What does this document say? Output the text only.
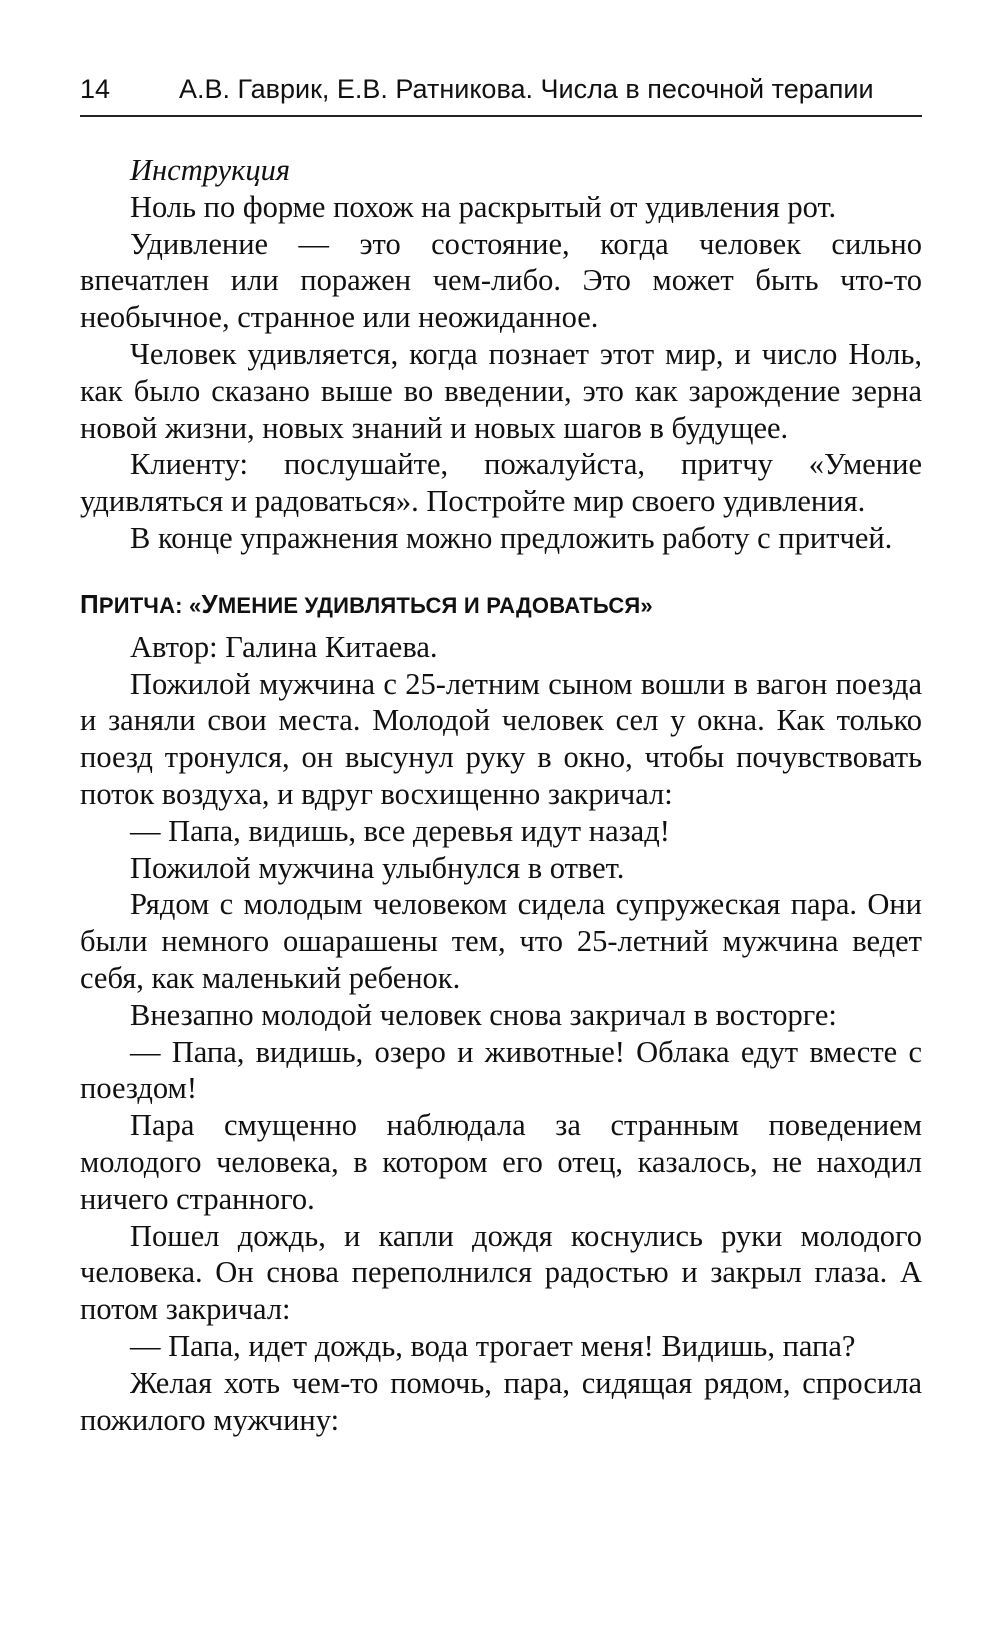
14	А.В. Гаврик, Е.В. Ратникова. Числа в песочной терапии

Инструкция

Ноль по форме похож на раскрытый от удивления рот.

Удивление — это состояние, когда человек сильно впечатлен или поражен чем-либо. Это может быть что-то необычное, странное или неожиданное.

Человек удивляется, когда познает этот мир, и число Ноль, как было сказано выше во введении, это как зарождение зерна новой жизни, новых знаний и новых шагов в будущее.

Клиенту: послушайте, пожалуйста, притчу «Умение удивляться и радоваться». Постройте мир своего удивления.

В конце упражнения можно предложить работу с притчей.

ПРИТЧА: «УМЕНИЕ УДИВЛЯТЬСЯ И РАДОВАТЬСЯ»

Автор: Галина Китаева.

Пожилой мужчина с 25-летним сыном вошли в вагон поезда и заняли свои места. Молодой человек сел у окна. Как только поезд тронулся, он высунул руку в окно, чтобы почувствовать поток воздуха, и вдруг восхищенно закричал:

— Папа, видишь, все деревья идут назад!

Пожилой мужчина улыбнулся в ответ.

Рядом с молодым человеком сидела супружеская пара. Они были немного ошарашены тем, что 25-летний мужчина ведет себя, как маленький ребенок.

Внезапно молодой человек снова закричал в восторге:

— Папа, видишь, озеро и животные! Облака едут вместе с поездом!

Пара смущенно наблюдала за странным поведением молодого человека, в котором его отец, казалось, не находил ничего странного.

Пошел дождь, и капли дождя коснулись руки молодого человека. Он снова переполнился радостью и закрыл глаза. А потом закричал:

— Папа, идет дождь, вода трогает меня! Видишь, папа?

Желая хоть чем-то помочь, пара, сидящая рядом, спросила пожилого мужчину:
